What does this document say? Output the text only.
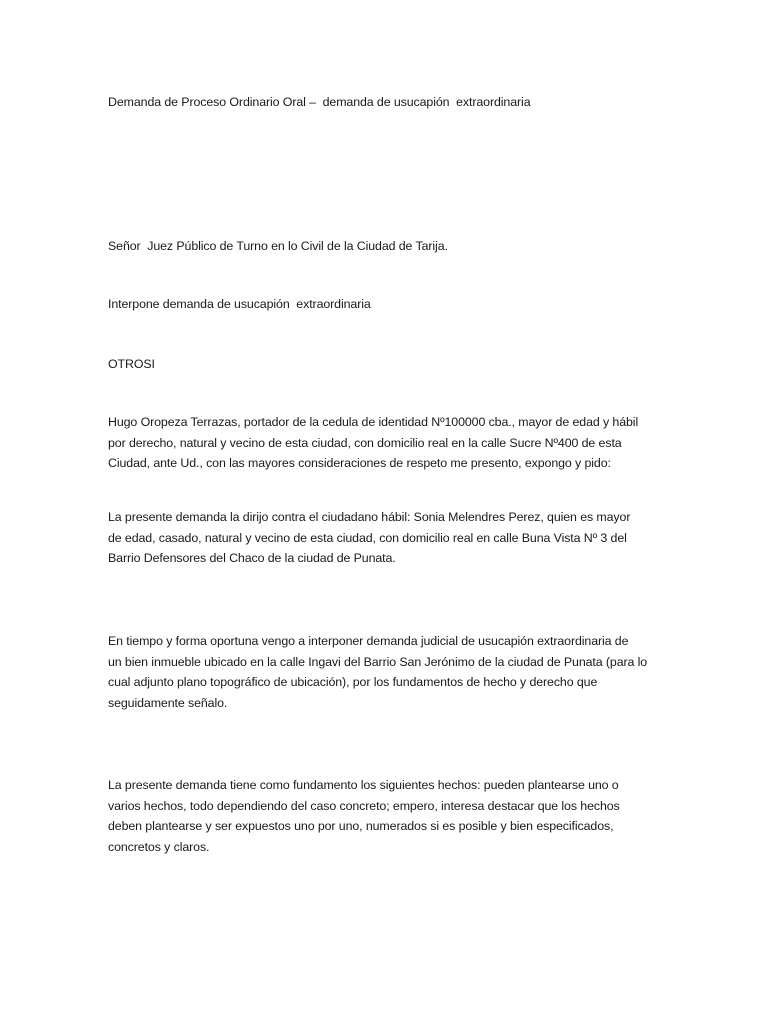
Demanda de Proceso Ordinario Oral –  demanda de usucapión  extraordinaria

Señor  Juez Público de Turno en lo Civil de la Ciudad de Tarija.

Interpone demanda de usucapión  extraordinaria

OTROSI

Hugo Oropeza Terrazas, portador de la cedula de identidad Nº100000 cba., mayor de edad y hábil
por derecho, natural y vecino de esta ciudad, con domicilio real en la calle Sucre Nº400 de esta
Ciudad, ante Ud., con las mayores consideraciones de respeto me presento, expongo y pido:

La presente demanda la dirijo contra el ciudadano hábil: Sonia Melendres Perez, quien es mayor
de edad, casado, natural y vecino de esta ciudad, con domicilio real en calle Buna Vista Nº 3 del
Barrio Defensores del Chaco de la ciudad de Punata.

En tiempo y forma oportuna vengo a interponer demanda judicial de usucapión extraordinaria de
un bien inmueble ubicado en la calle Ingavi del Barrio San Jerónimo de la ciudad de Punata (para lo
cual adjunto plano topográfico de ubicación), por los fundamentos de hecho y derecho que
seguidamente señalo.

La presente demanda tiene como fundamento los siguientes hechos: pueden plantearse uno o
varios hechos, todo dependiendo del caso concreto; empero, interesa destacar que los hechos
deben plantearse y ser expuestos uno por uno, numerados si es posible y bien especificados,
concretos y claros.
